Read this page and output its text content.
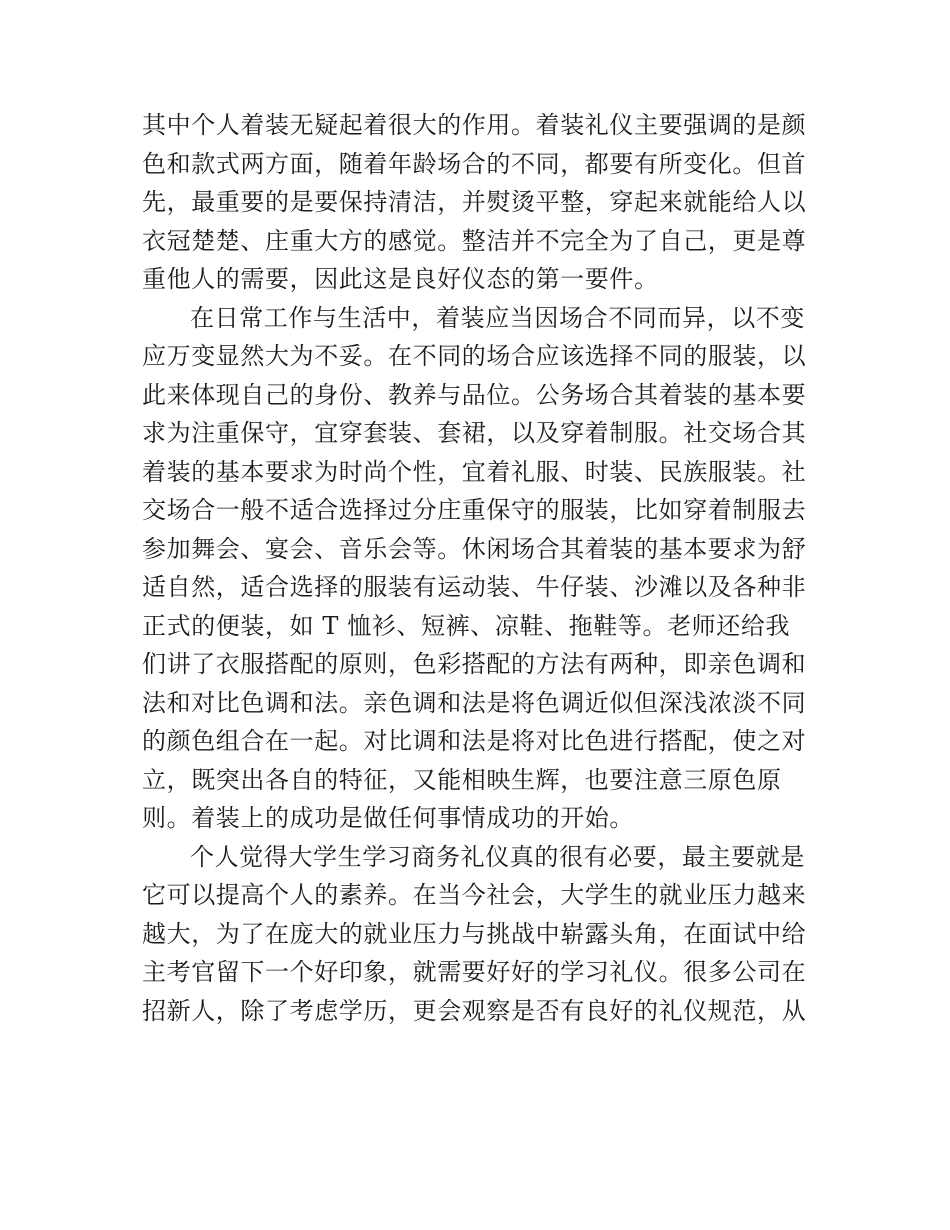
其中个人着装无疑起着很大的作用。着装礼仪主要强调的是颜
色和款式两方面，随着年龄场合的不同，都要有所变化。但首
先，最重要的是要保持清洁，并熨烫平整，穿起来就能给人以
衣冠楚楚、庄重大方的感觉。整洁并不完全为了自己，更是尊
重他人的需要，因此这是良好仪态的第一要件。
在日常工作与生活中，着装应当因场合不同而异，以不变
应万变显然大为不妥。在不同的场合应该选择不同的服装，以
此来体现自己的身份、教养与品位。公务场合其着装的基本要
求为注重保守，宜穿套装、套裙，以及穿着制服。社交场合其
着装的基本要求为时尚个性，宜着礼服、时装、民族服装。社
交场合一般不适合选择过分庄重保守的服装，比如穿着制服去
参加舞会、宴会、音乐会等。休闲场合其着装的基本要求为舒
适自然，适合选择的服装有运动装、牛仔装、沙滩以及各种非
正式的便装，如 T 恤衫、短裤、凉鞋、拖鞋等。老师还给我
们讲了衣服搭配的原则，色彩搭配的方法有两种，即亲色调和
法和对比色调和法。亲色调和法是将色调近似但深浅浓淡不同
的颜色组合在一起。对比调和法是将对比色进行搭配，使之对
立，既突出各自的特征，又能相映生辉，也要注意三原色原
则。着装上的成功是做任何事情成功的开始。
个人觉得大学生学习商务礼仪真的很有必要，最主要就是
它可以提高个人的素养。在当今社会，大学生的就业压力越来
越大，为了在庞大的就业压力与挑战中崭露头角，在面试中给
主考官留下一个好印象，就需要好好的学习礼仪。很多公司在
招新人，除了考虑学历，更会观察是否有良好的礼仪规范，从
